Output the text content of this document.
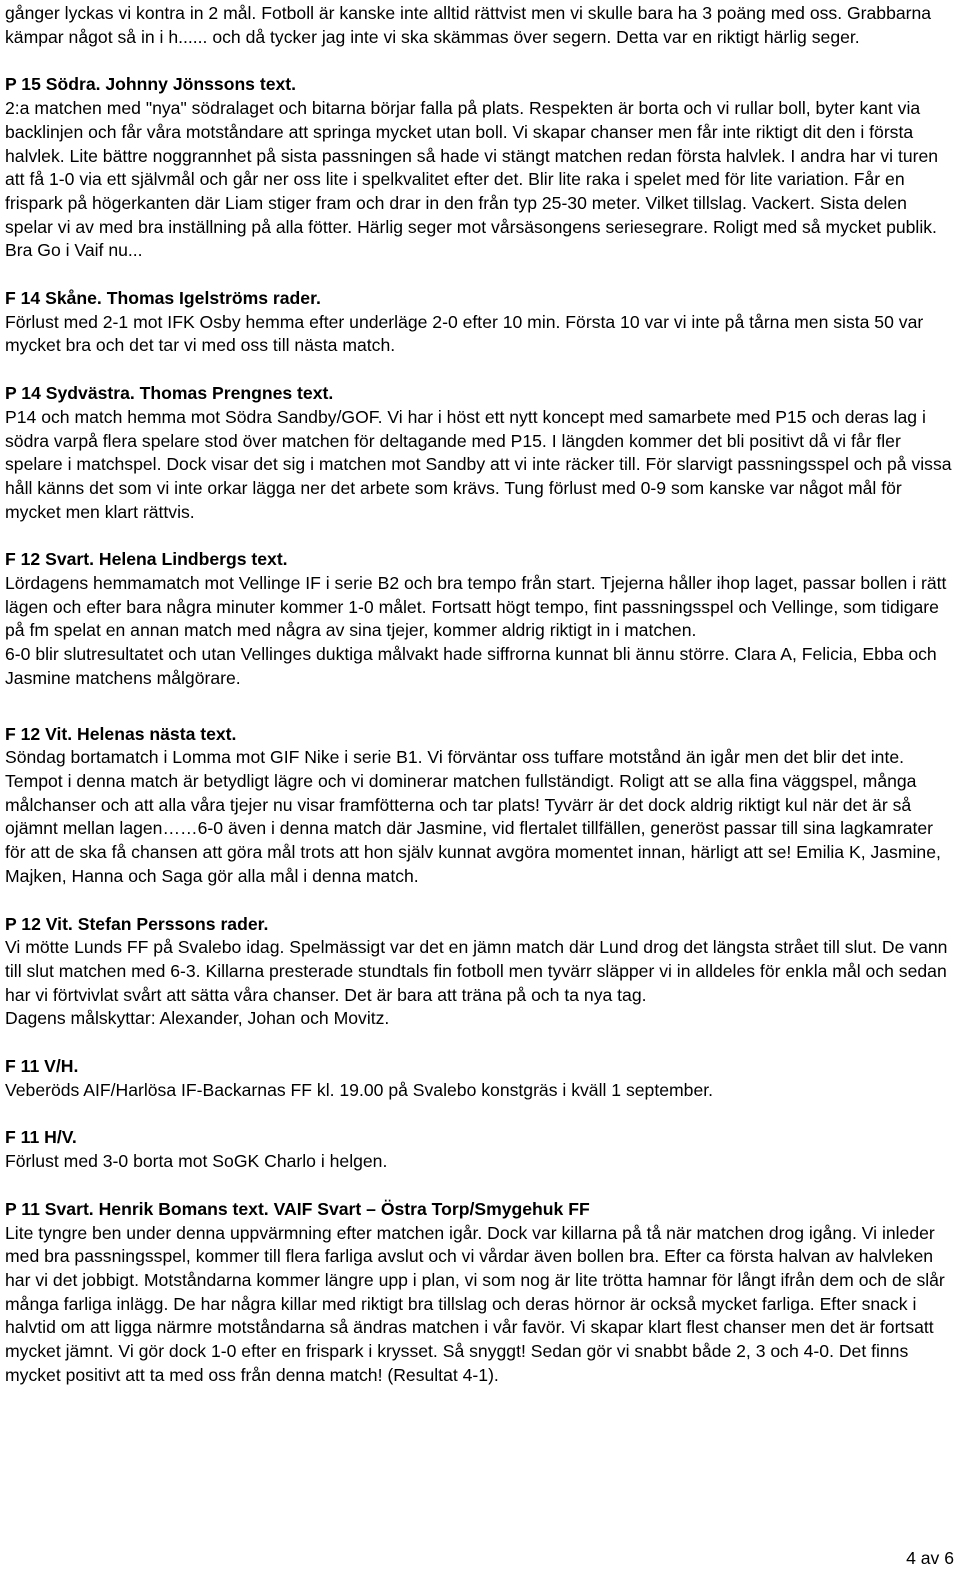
gånger lyckas vi kontra in 2 mål. Fotboll är kanske inte alltid rättvist men vi skulle bara ha 3 poäng med oss. Grabbarna kämpar något så in i h...... och då tycker jag inte vi ska skämmas över segern. Detta var en riktigt härlig seger.

P 15 Södra. Johnny Jönssons text.

2:a matchen med "nya" södralaget och bitarna börjar falla på plats. Respekten är borta och vi rullar boll, byter kant via backlinjen och får våra motståndare att springa mycket utan boll. Vi skapar chanser men får inte riktigt dit den i första halvlek. Lite bättre noggrannhet på sista passningen så hade vi stängt matchen redan första halvlek. I andra har vi turen att få 1-0 via ett självmål och går ner oss lite i spelkvalitet efter det. Blir lite raka i spelet med för lite variation. Får en frispark på högerkanten där Liam stiger fram och drar in den från typ 25-30 meter. Vilket tillslag. Vackert. Sista delen spelar vi av med bra inställning på alla fötter. Härlig seger mot vårsäsongens seriesegrare. Roligt med så mycket publik. Bra Go i Vaif nu...

F 14 Skåne. Thomas Igelströms rader.

Förlust med 2-1 mot IFK Osby hemma efter underläge 2-0 efter 10 min. Första 10 var vi inte på tårna men sista 50 var mycket bra och det tar vi med oss till nästa match.

P 14 Sydvästra. Thomas Prengnes text.

P14 och match hemma mot Södra Sandby/GOF. Vi har i höst ett nytt koncept med samarbete med P15 och deras lag i södra varpå flera spelare stod över matchen för deltagande med P15. I längden kommer det bli positivt då vi får fler spelare i matchspel. Dock visar det sig i matchen mot Sandby att vi inte räcker till. För slarvigt passningsspel och på vissa håll känns det som vi inte orkar lägga ner det arbete som krävs. Tung förlust med 0-9 som kanske var något mål för mycket men klart rättvis.

F 12 Svart. Helena Lindbergs text.

Lördagens hemmamatch mot Vellinge IF i serie B2 och bra tempo från start. Tjejerna håller ihop laget, passar bollen i rätt lägen och efter bara några minuter kommer 1-0 målet. Fortsatt högt tempo, fint passningsspel och Vellinge, som tidigare på fm spelat en annan match med några av sina tjejer, kommer aldrig riktigt in i matchen.

6-0 blir slutresultatet och utan Vellinges duktiga målvakt hade siffrorna kunnat bli ännu större. Clara A, Felicia, Ebba och Jasmine matchens målgörare.

F 12 Vit. Helenas nästa text.

Söndag bortamatch i Lomma mot GIF Nike i serie B1. Vi förväntar oss tuffare motstånd än igår men det blir det inte. Tempot i denna match är betydligt lägre och vi dominerar matchen fullständigt. Roligt att se alla fina väggspel, många målchanser och att alla våra tjejer nu visar framfötterna och tar plats! Tyvärr är det dock aldrig riktigt kul när det är så ojämnt mellan lagen……6-0 även i denna match där Jasmine, vid flertalet tillfällen, generöst passar till sina lagkamrater för att de ska få chansen att göra mål trots att hon själv kunnat avgöra momentet innan, härligt att se! Emilia K, Jasmine, Majken, Hanna och Saga gör alla mål i denna match.

P 12 Vit. Stefan Perssons rader.

Vi mötte Lunds FF på Svalebo idag. Spelmässigt var det en jämn match där Lund drog det längsta strået till slut. De vann till slut matchen med 6-3. Killarna presterade stundtals fin fotboll men tyvärr släpper vi in alldeles för enkla mål och sedan har vi förtvivlat svårt att sätta våra chanser. Det är bara att träna på och ta nya tag.

Dagens målskyttar: Alexander, Johan och Movitz.

F 11 V/H.

Veberöds AIF/Harlösa IF-Backarnas FF kl. 19.00 på Svalebo konstgräs i kväll 1 september.

F 11 H/V.

Förlust med 3-0 borta mot SoGK Charlo i helgen.

P 11 Svart. Henrik Bomans text. VAIF Svart – Östra Torp/Smygehuk FF

Lite tyngre ben under denna uppvärmning efter matchen igår. Dock var killarna på tå när matchen drog igång. Vi inleder med bra passningsspel, kommer till flera farliga avslut och vi vårdar även bollen bra. Efter ca första halvan av halvleken har vi det jobbigt. Motståndarna kommer längre upp i plan, vi som nog är lite trötta hamnar för långt ifrån dem och de slår många farliga inlägg. De har några killar med riktigt bra tillslag och deras hörnor är också mycket farliga. Efter snack i halvtid om att ligga närmre motståndarna så ändras matchen i vår favör. Vi skapar klart flest chanser men det är fortsatt mycket jämnt. Vi gör dock 1-0 efter en frispark i krysset. Så snyggt! Sedan gör vi snabbt både 2, 3 och 4-0. Det finns mycket positivt att ta med oss från denna match! (Resultat 4-1).

4 av 6
